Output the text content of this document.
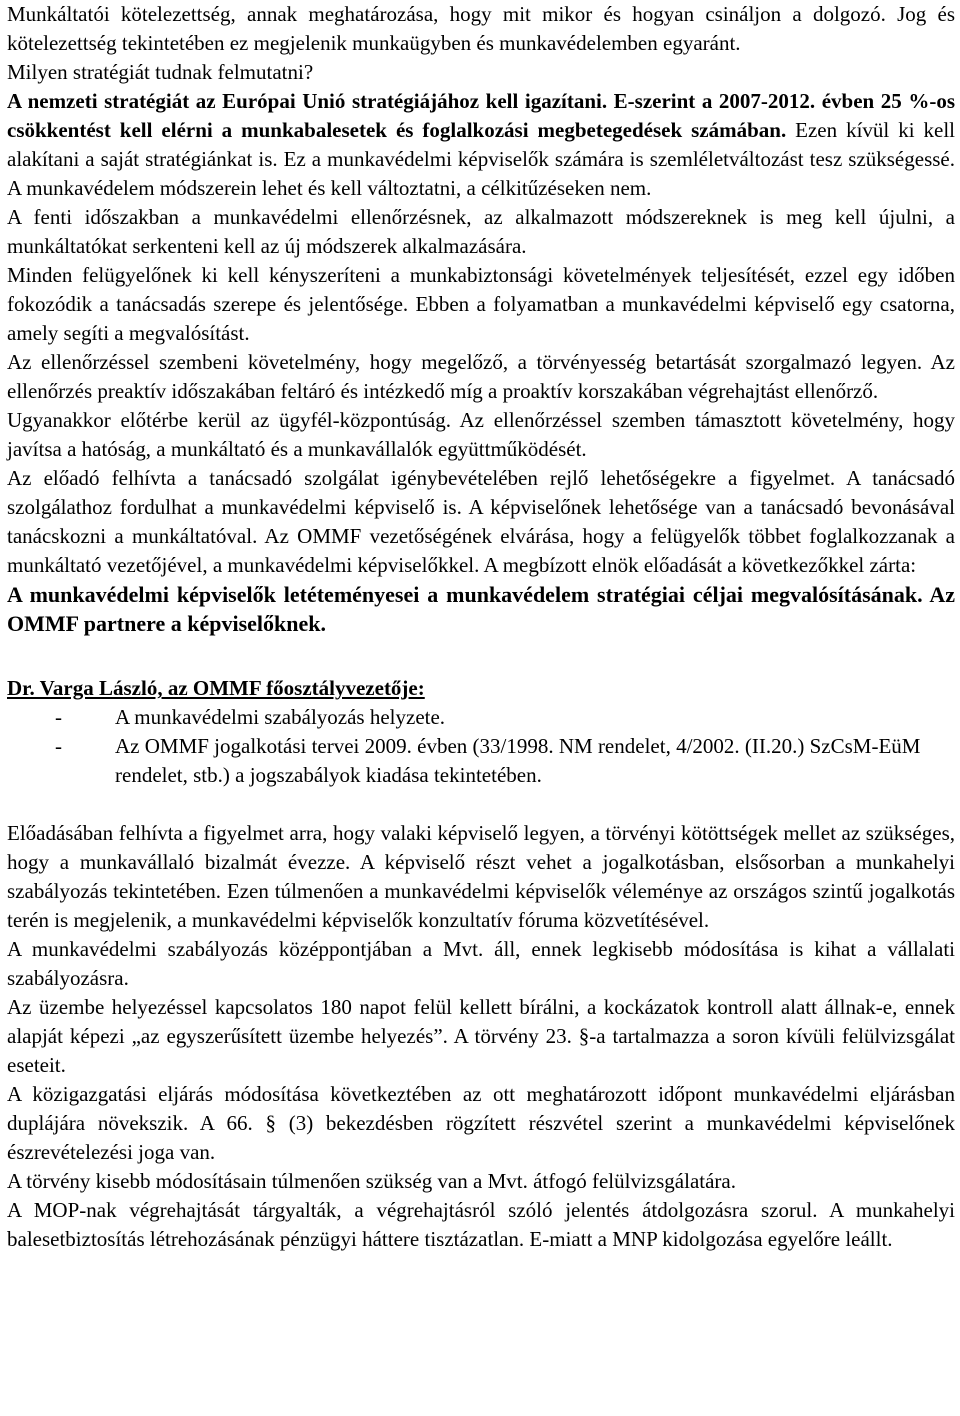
Munkáltatói kötelezettség, annak meghatározása, hogy mit mikor és hogyan csináljon a dolgozó. Jog és kötelezettség tekintetében ez megjelenik munkaügyben és munkavédelemben egyaránt.

Milyen stratégiát tudnak felmutatni?

A nemzeti stratégiát az Európai Unió stratégiájához kell igazítani. E-szerint a 2007-2012. évben 25 %-os csökkentést kell elérni a munkabalesetek és foglalkozási megbetegedések számában. Ezen kívül ki kell alakítani a saját stratégiánkat is. Ez a munkavédelmi képviselők számára is szemléletváltozást tesz szükségessé. A munkavédelem módszerein lehet és kell változtatni, a célkitűzéseken nem.

A fenti időszakban a munkavédelmi ellenőrzésnek, az alkalmazott módszereknek is meg kell újulni, a munkáltatókat serkenteni kell az új módszerek alkalmazására.

Minden felügyelőnek ki kell kényszeríteni a munkabiztonsági követelmények teljesítését, ezzel egy időben fokozódik a tanácsadás szerepe és jelentősége. Ebben a folyamatban a munkavédelmi képviselő egy csatorna, amely segíti a megvalósítást.

Az ellenőrzéssel szembeni követelmény, hogy megelőző, a törvényesség betartását szorgalmazó legyen. Az ellenőrzés preaktív időszakában feltáró és intézkedő míg a proaktív korszakában végrehajtást ellenőrző.

Ugyanakkor előtérbe kerül az ügyfél-központúság. Az ellenőrzéssel szemben támasztott követelmény, hogy javítsa a hatóság, a munkáltató és a munkavállalók együttműködését.

Az előadó felhívta a tanácsadó szolgálat igénybevételében rejlő lehetőségekre a figyelmet. A tanácsadó szolgálathoz fordulhat a munkavédelmi képviselő is. A képviselőnek lehetősége van a tanácsadó bevonásával tanácskozni a munkáltatóval. Az OMMF vezetőségének elvárása, hogy a felügyelők többet foglalkozzanak a munkáltató vezetőjével, a munkavédelmi képviselőkkel. A megbízott elnök előadását a következőkkel zárta:

A munkavédelmi képviselők letéteményesei a munkavédelem stratégiai céljai megvalósításának. Az OMMF partnere a képviselőknek.

Dr. Varga László, az OMMF főosztályvezetője:

-	A munkavédelmi szabályozás helyzete.
-	Az OMMF jogalkotási tervei 2009. évben (33/1998. NM rendelet, 4/2002. (II.20.) SzCsM-EüM rendelet, stb.) a jogszabályok kiadása tekintetében.

Előadásában felhívta a figyelmet arra, hogy valaki képviselő legyen, a törvényi kötöttségek mellet az szükséges, hogy a munkavállaló bizalmát évezze. A képviselő részt vehet a jogalkotásban, elsősorban a munkahelyi szabályozás tekintetében. Ezen túlmenően a munkavédelmi képviselők véleménye az országos szintű jogalkotás terén is megjelenik, a munkavédelmi képviselők konzultatív fóruma közvetítésével.

A munkavédelmi szabályozás középpontjában a Mvt. áll, ennek legkisebb módosítása is kihat a vállalati szabályozásra.

Az üzembe helyezéssel kapcsolatos 180 napot felül kellett bírálni, a kockázatok kontroll alatt állnak-e, ennek alapját képezi „az egyszerűsített üzembe helyezés”. A törvény 23. §-a tartalmazza a soron kívüli felülvizsgálat eseteit.

A közigazgatási eljárás módosítása következtében az ott meghatározott időpont munkavédelmi eljárásban duplájára növekszik. A 66. § (3) bekezdésben rögzített részvétel szerint a munkavédelmi képviselőnek észrevételezési joga van.

A törvény kisebb módosításain túlmenően szükség van a Mvt. átfogó felülvizsgálatára.

A MOP-nak végrehajtását tárgyalták, a végrehajtásról szóló jelentés átdolgozásra szorul. A munkahelyi balesetbiztosítás létrehozásának pénzügyi háttere tisztázatlan. E-miatt a MNP kidolgozása egyelőre leállt.
